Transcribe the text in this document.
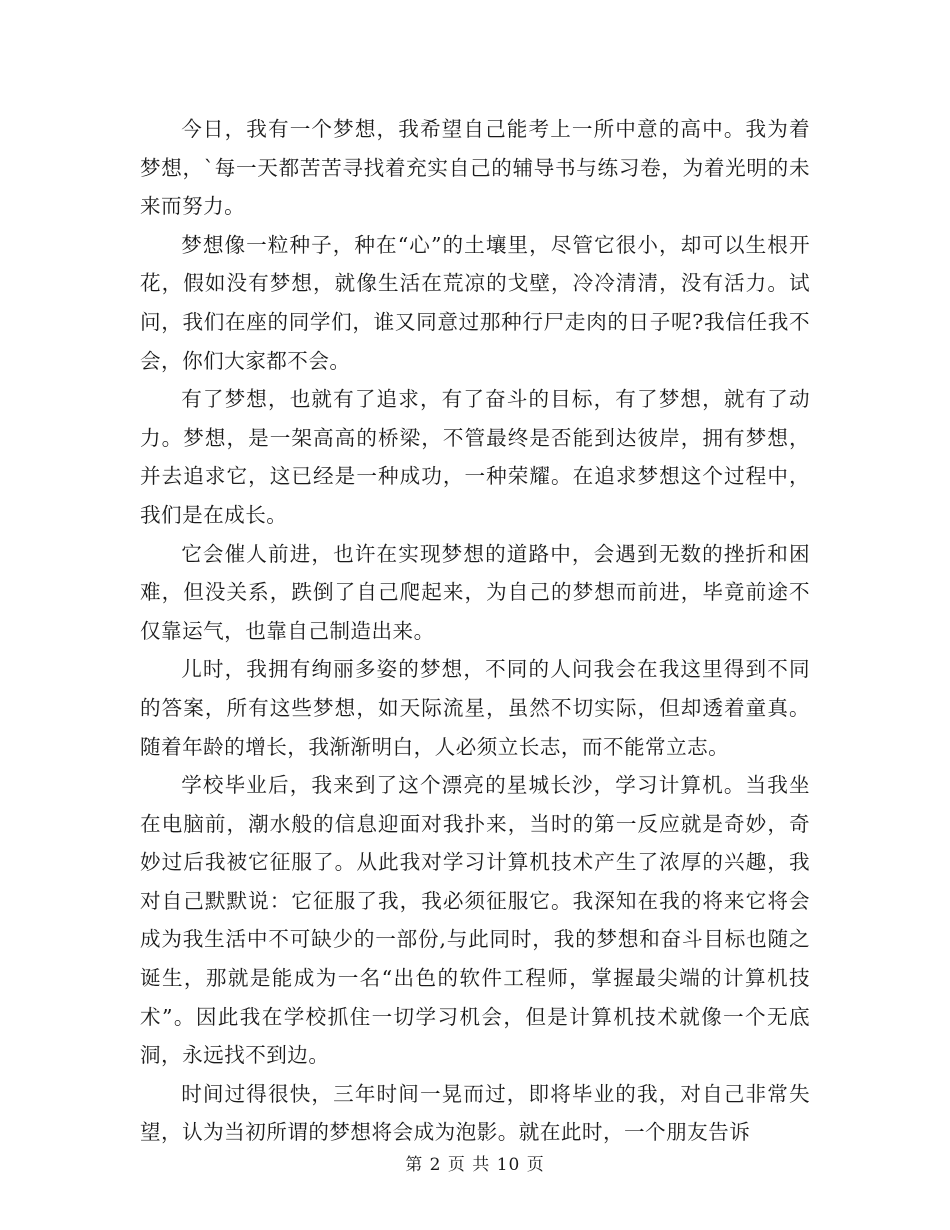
今日，我有一个梦想，我希望自己能考上一所中意的高中。我为着梦想，`每一天都苦苦寻找着充实自己的辅导书与练习卷，为着光明的未来而努力。

梦想像一粒种子，种在“心”的土壤里，尽管它很小，却可以生根开花，假如没有梦想，就像生活在荒凉的戈壁，冷冷清清，没有活力。试问，我们在座的同学们，谁又同意过那种行尸走肉的日子呢?我信任我不会，你们大家都不会。

有了梦想，也就有了追求，有了奋斗的目标，有了梦想，就有了动力。梦想，是一架高高的桥梁，不管最终是否能到达彼岸，拥有梦想，并去追求它，这已经是一种成功，一种荣耀。在追求梦想这个过程中，我们是在成长。

它会催人前进，也许在实现梦想的道路中，会遇到无数的挫折和困难，但没关系，跌倒了自己爬起来，为自己的梦想而前进，毕竟前途不仅靠运气，也靠自己制造出来。

儿时，我拥有绚丽多姿的梦想，不同的人问我会在我这里得到不同的答案，所有这些梦想，如天际流星，虽然不切实际，但却透着童真。随着年龄的增长，我渐渐明白，人必须立长志，而不能常立志。

学校毕业后，我来到了这个漂亮的星城长沙，学习计算机。当我坐在电脑前，潮水般的信息迎面对我扑来，当时的第一反应就是奇妙，奇妙过后我被它征服了。从此我对学习计算机技术产生了浓厚的兴趣，我对自己默默说：它征服了我，我必须征服它。我深知在我的将来它将会成为我生活中不可缺少的一部份,与此同时，我的梦想和奋斗目标也随之诞生，那就是能成为一名“出色的软件工程师，掌握最尖端的计算机技术”。因此我在学校抓住一切学习机会，但是计算机技术就像一个无底洞，永远找不到边。

时间过得很快，三年时间一晃而过，即将毕业的我，对自己非常失望，认为当初所谓的梦想将会成为泡影。就在此时，一个朋友告诉

第 2 页 共 10 页
